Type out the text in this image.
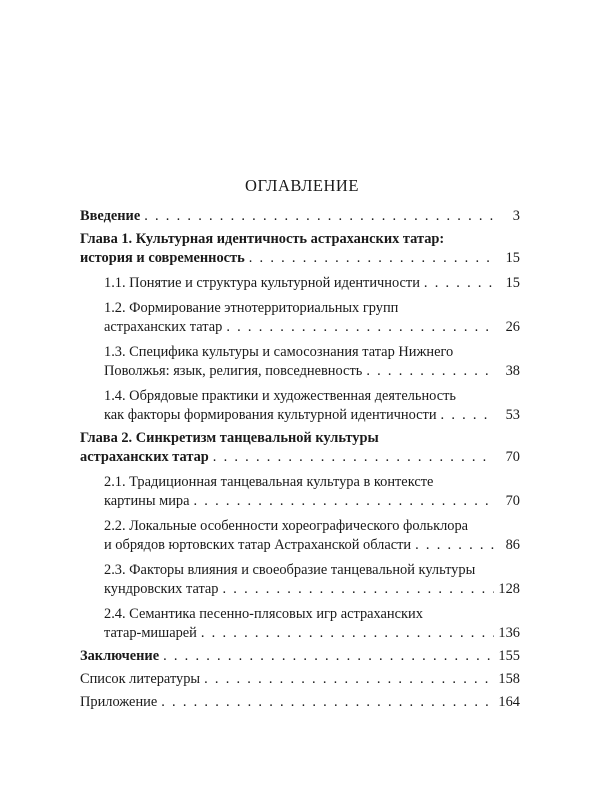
ОГЛАВЛЕНИЕ
Введение . . .	3
Глава 1. Культурная идентичность астраханских татар:
история и современность . . .	15
1.1. Понятие и структура культурной идентичности . . .	15
1.2. Формирование этнотерриториальных групп
астраханских татар . . .	26
1.3. Специфика культуры и самосознания татар Нижнего
Поволжья: язык, религия, повседневность . . .	38
1.4. Обрядовые практики и художественная деятельность
как факторы формирования культурной идентичности . . .	53
Глава 2. Синкретизм танцевальной культуры
астраханских татар . . .	70
2.1. Традиционная танцевальная культура в контексте
картины мира . . .	70
2.2. Локальные особенности хореографического фольклора
и обрядов юртовских татар Астраханской области . . .	86
2.3. Факторы влияния и своеобразие танцевальной культуры
кундровских татар . . .	128
2.4. Семантика песенно-плясовых игр астраханских
татар-мишарей . . .	136
Заключение . . .	155
Список литературы . . .	158
Приложение . . .	164
